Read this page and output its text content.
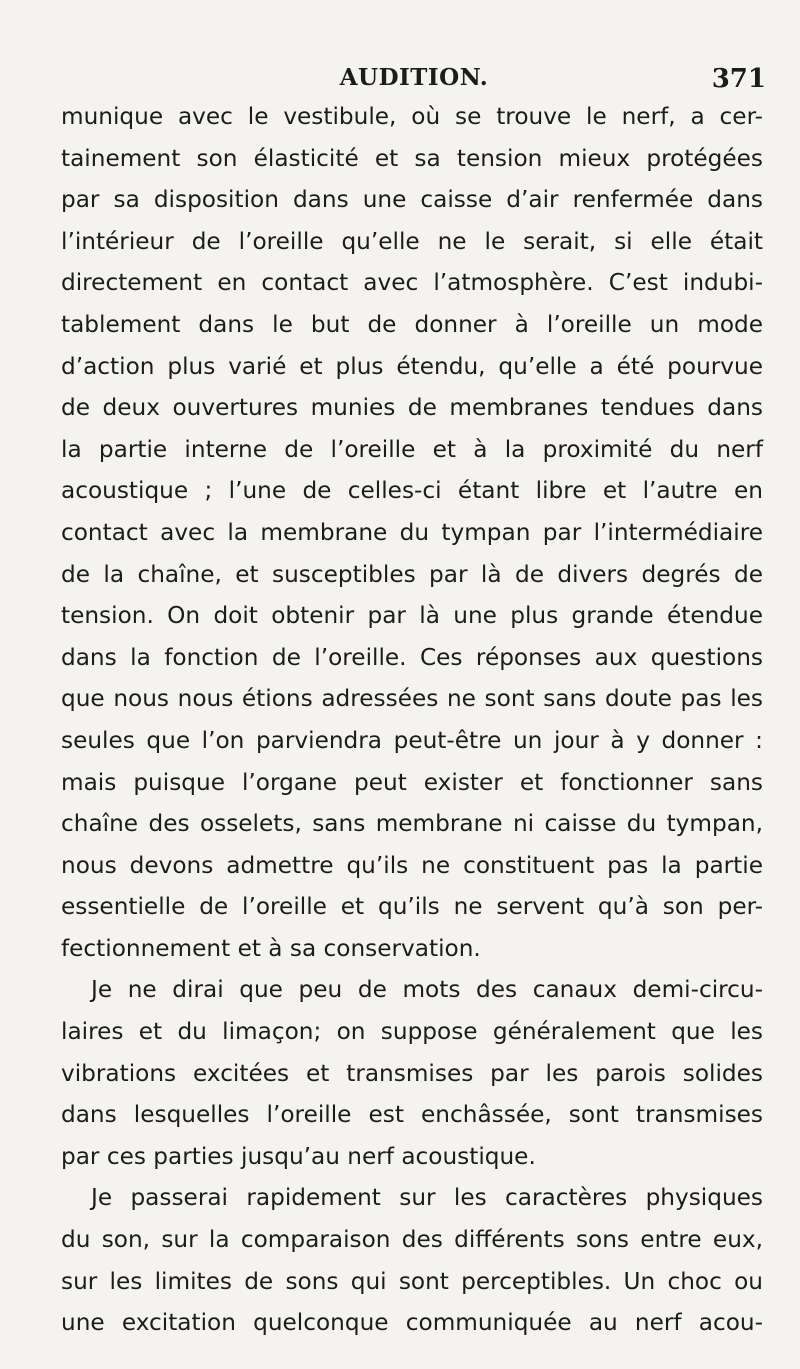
AUDITION.	371
munique avec le vestibule, où se trouve le nerf, a cer-
tainement son élasticité et sa tension mieux protégées
par sa disposition dans une caisse d’air renfermée dans
l’intérieur de l’oreille qu’elle ne le serait, si elle était
directement en contact avec l’atmosphère. C’est indubi-
tablement dans le but de donner à l’oreille un mode
d’action plus varié et plus étendu, qu’elle a été pourvue
de deux ouvertures munies de membranes tendues dans
la partie interne de l’oreille et à la proximité du nerf
acoustique ; l’une de celles-ci étant libre et l’autre en
contact avec la membrane du tympan par l’intermédiaire
de la chaîne, et susceptibles par là de divers degrés de
tension. On doit obtenir par là une plus grande étendue
dans la fonction de l’oreille. Ces réponses aux questions
que nous nous étions adressées ne sont sans doute pas les
seules que l’on parviendra peut-être un jour à y donner :
mais puisque l’organe peut exister et fonctionner sans
chaîne des osselets, sans membrane ni caisse du tympan,
nous devons admettre qu’ils ne constituent pas la partie
essentielle de l’oreille et qu’ils ne servent qu’à son per-
fectionnement et à sa conservation.
Je ne dirai que peu de mots des canaux demi-circu-
laires et du limaçon; on suppose généralement que les
vibrations excitées et transmises par les parois solides
dans lesquelles l’oreille est enchâssée, sont transmises
par ces parties jusqu’au nerf acoustique.
Je passerai rapidement sur les caractères physiques
du son, sur la comparaison des différents sons entre eux,
sur les limites de sons qui sont perceptibles. Un choc ou
une excitation quelconque communiquée au nerf acou-
